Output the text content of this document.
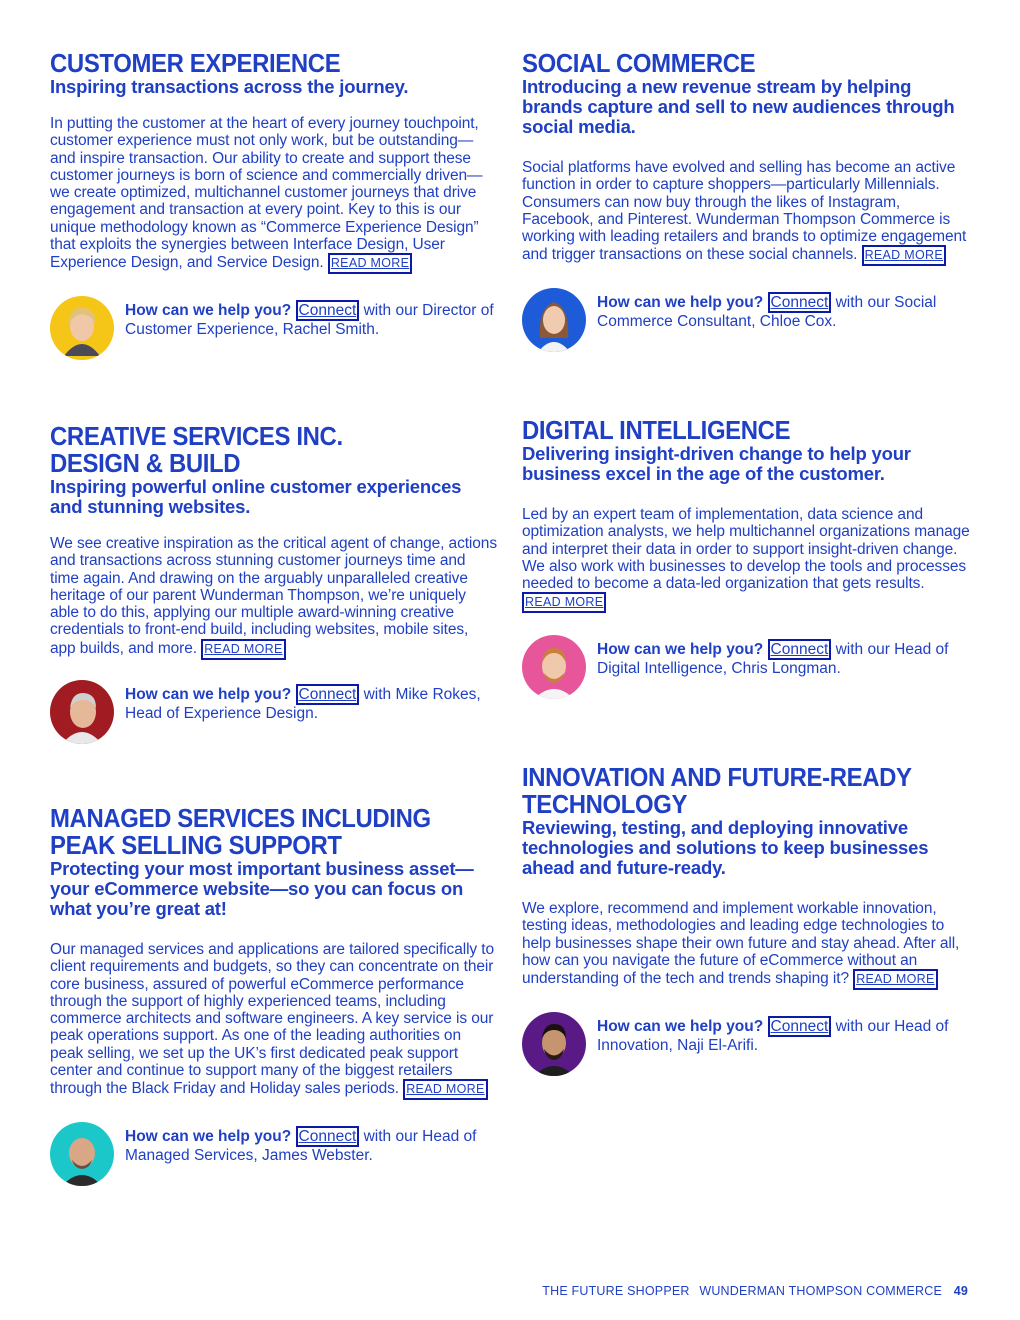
CUSTOMER EXPERIENCE
Inspiring transactions across the journey.

In putting the customer at the heart of every journey touchpoint, customer experience must not only work, but be outstanding—and inspire transaction. Our ability to create and support these customer journeys is born of science and commercially driven—we create optimized, multichannel customer journeys that drive engagement and transaction at every point. Key to this is our unique methodology known as “Commerce Experience Design” that exploits the synergies between Interface Design, User Experience Design, and Service Design. READ MORE

How can we help you? Connect with our Director of Customer Experience, Rachel Smith.
CREATIVE SERVICES INC. DESIGN & BUILD
Inspiring powerful online customer experiences and stunning websites.

We see creative inspiration as the critical agent of change, actions and transactions across stunning customer journeys time and time again. And drawing on the arguably unparalleled creative heritage of our parent Wunderman Thompson, we’re uniquely able to do this, applying our multiple award-winning creative credentials to front-end build, including websites, mobile sites, app builds, and more. READ MORE

How can we help you? Connect with Mike Rokes, Head of Experience Design.
MANAGED SERVICES INCLUDING PEAK SELLING SUPPORT
Protecting your most important business asset—your eCommerce website—so you can focus on what you’re great at!

Our managed services and applications are tailored specifically to client requirements and budgets, so they can concentrate on their core business, assured of powerful eCommerce performance through the support of highly experienced teams, including commerce architects and software engineers. A key service is our peak operations support. As one of the leading authorities on peak selling, we set up the UK’s first dedicated peak support center and continue to support many of the biggest retailers through the Black Friday and Holiday sales periods. READ MORE

How can we help you? Connect with our Head of Managed Services, James Webster.
SOCIAL COMMERCE
Introducing a new revenue stream by helping brands capture and sell to new audiences through social media.

Social platforms have evolved and selling has become an active function in order to capture shoppers—particularly Millennials. Consumers can now buy through the likes of Instagram, Facebook, and Pinterest. Wunderman Thompson Commerce is working with leading retailers and brands to optimize engagement and trigger transactions on these social channels. READ MORE

How can we help you? Connect with our Social Commerce Consultant, Chloe Cox.
DIGITAL INTELLIGENCE
Delivering insight-driven change to help your business excel in the age of the customer.

Led by an expert team of implementation, data science and optimization analysts, we help multichannel organizations manage and interpret their data in order to support insight-driven change. We also work with businesses to develop the tools and processes needed to become a data-led organization that gets results. READ MORE

How can we help you? Connect with our Head of Digital Intelligence, Chris Longman.
INNOVATION AND FUTURE-READY TECHNOLOGY
Reviewing, testing, and deploying innovative technologies and solutions to keep businesses ahead and future-ready.

We explore, recommend and implement workable innovation, testing ideas, methodologies and leading edge technologies to help businesses shape their own future and stay ahead. After all, how can you navigate the future of eCommerce without an understanding of the tech and trends shaping it? READ MORE

How can we help you? Connect with our Head of Innovation, Naji El-Arifi.
THE FUTURE SHOPPER WUNDERMAN THOMPSON COMMERCE 49
